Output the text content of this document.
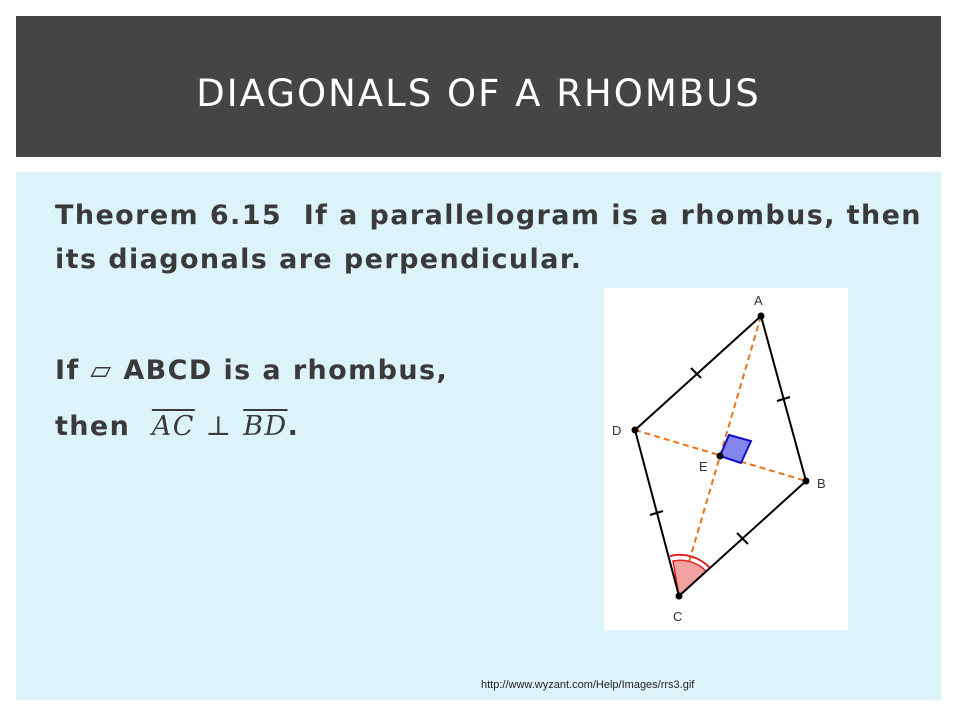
DIAGONALS OF A RHOMBUS

Theorem 6.15 If a parallelogram is a rhombus, then its diagonals are perpendicular.

If ▱ ABCD is a rhombus,
then $\overline{AC}$ ⊥ $\overline{BD}$.

A
B
C
D
E
http://www.wyzant.com/Help/Images/rrs3.gif
